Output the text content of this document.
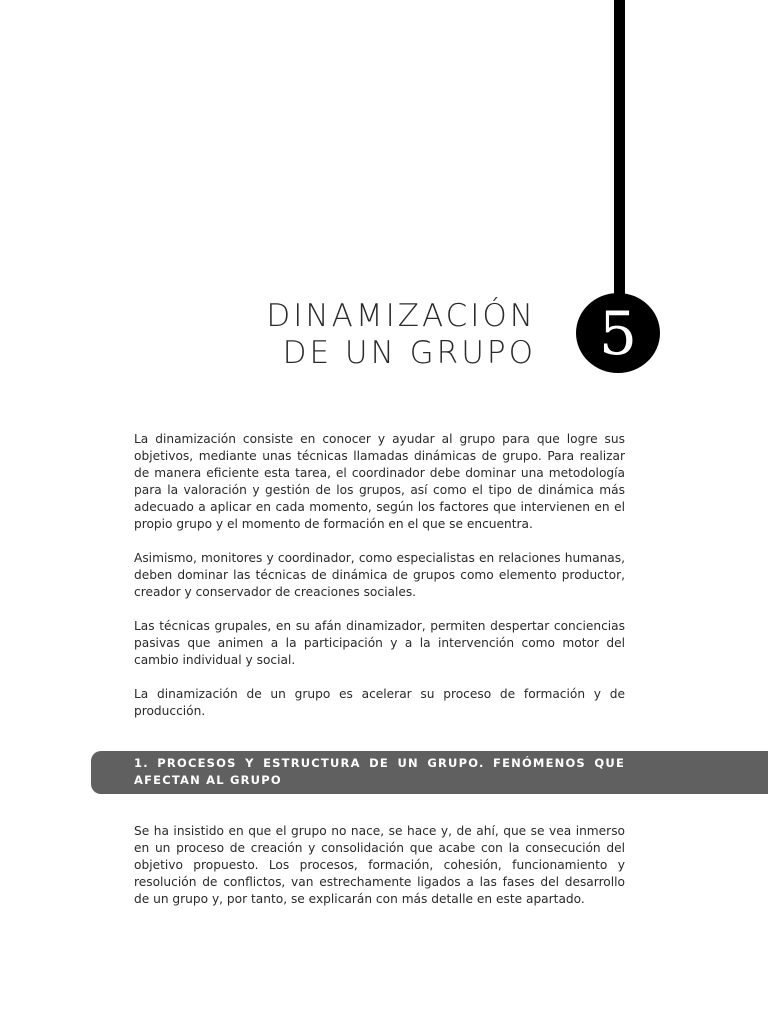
5
DINAMIZACIÓN
DE UN GRUPO

La dinamización consiste en conocer y ayudar al grupo para que logre sus objetivos, mediante unas técnicas llamadas dinámicas de grupo. Para realizar de manera eficiente esta tarea, el coordinador debe dominar una metodología para la valoración y gestión de los grupos, así como el tipo de dinámica más adecuado a aplicar en cada momento, según los factores que intervienen en el propio grupo y el momento de formación en el que se encuentra.

Asimismo, monitores y coordinador, como especialistas en relaciones humanas, deben dominar las técnicas de dinámica de grupos como elemento productor, creador y conservador de creaciones sociales.

Las técnicas grupales, en su afán dinamizador, permiten despertar conciencias pasivas que animen a la participación y a la intervención como motor del cambio individual y social.

La dinamización de un grupo es acelerar su proceso de formación y de producción.

1. PROCESOS Y ESTRUCTURA DE UN GRUPO. FENÓMENOS QUE AFECTAN AL GRUPO

Se ha insistido en que el grupo no nace, se hace y, de ahí, que se vea inmerso en un proceso de creación y consolidación que acabe con la consecución del objetivo propuesto. Los procesos, formación, cohesión, funcionamiento y resolución de conflictos, van estrechamente ligados a las fases del desarrollo de un grupo y, por tanto, se explicarán con más detalle en este apartado.
